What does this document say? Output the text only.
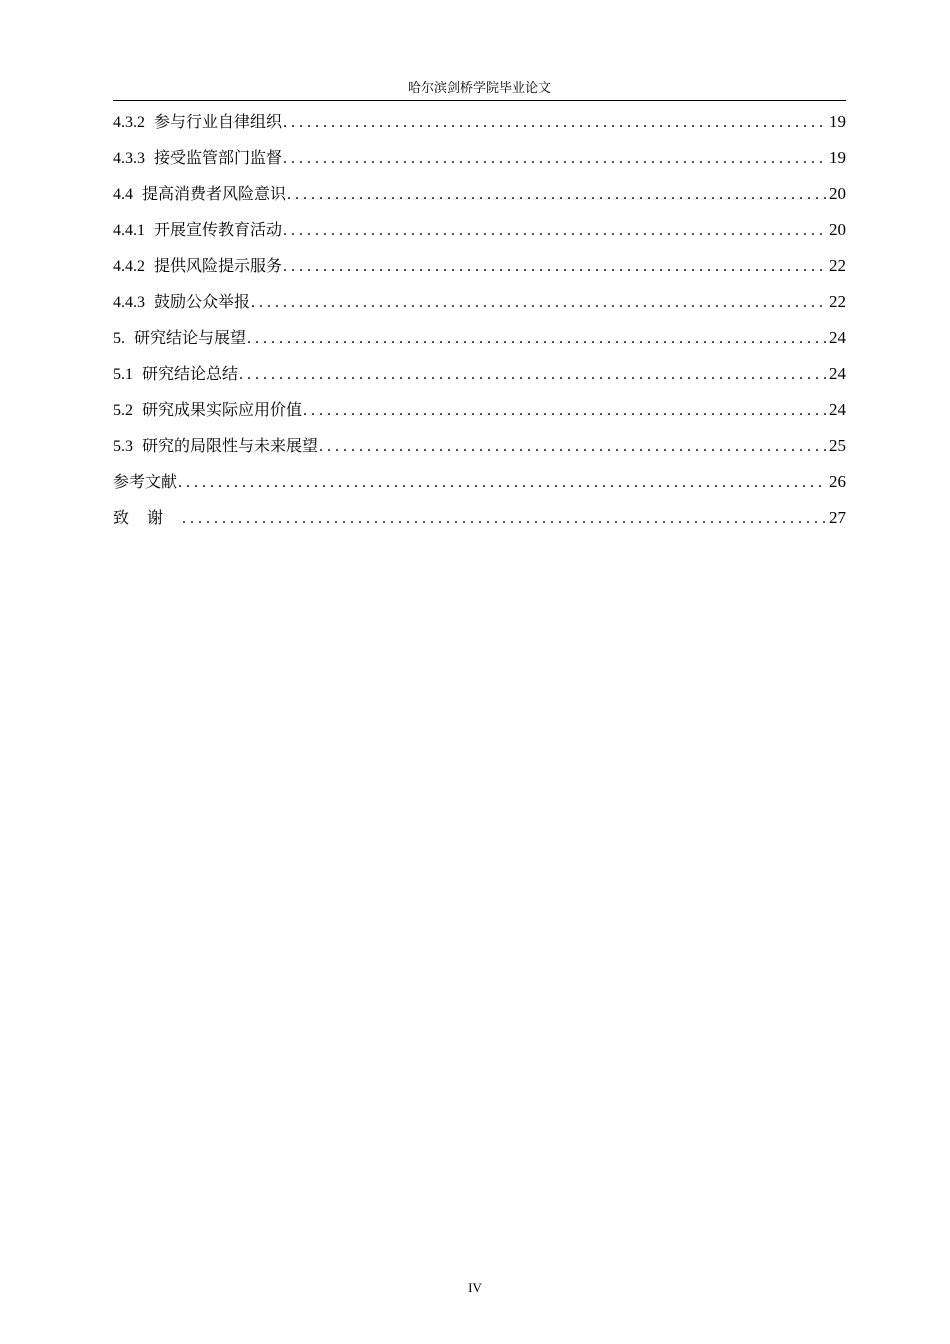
哈尔滨剑桥学院毕业论文
4.3.2 参与行业自律组织 . . .	19
4.3.3 接受监管部门监督 . . .	19
4.4 提高消费者风险意识 . . .	20
4.4.1 开展宣传教育活动 . . .	20
4.4.2 提供风险提示服务 . . .	22
4.4.3 鼓励公众举报 . . .	22
5. 研究结论与展望 . . .	24
5.1 研究结论总结 . . .	24
5.2 研究成果实际应用价值 . . .	24
5.3 研究的局限性与未来展望 . . .	25
参考文献 . . .	26
致谢 . . .	27
IV
